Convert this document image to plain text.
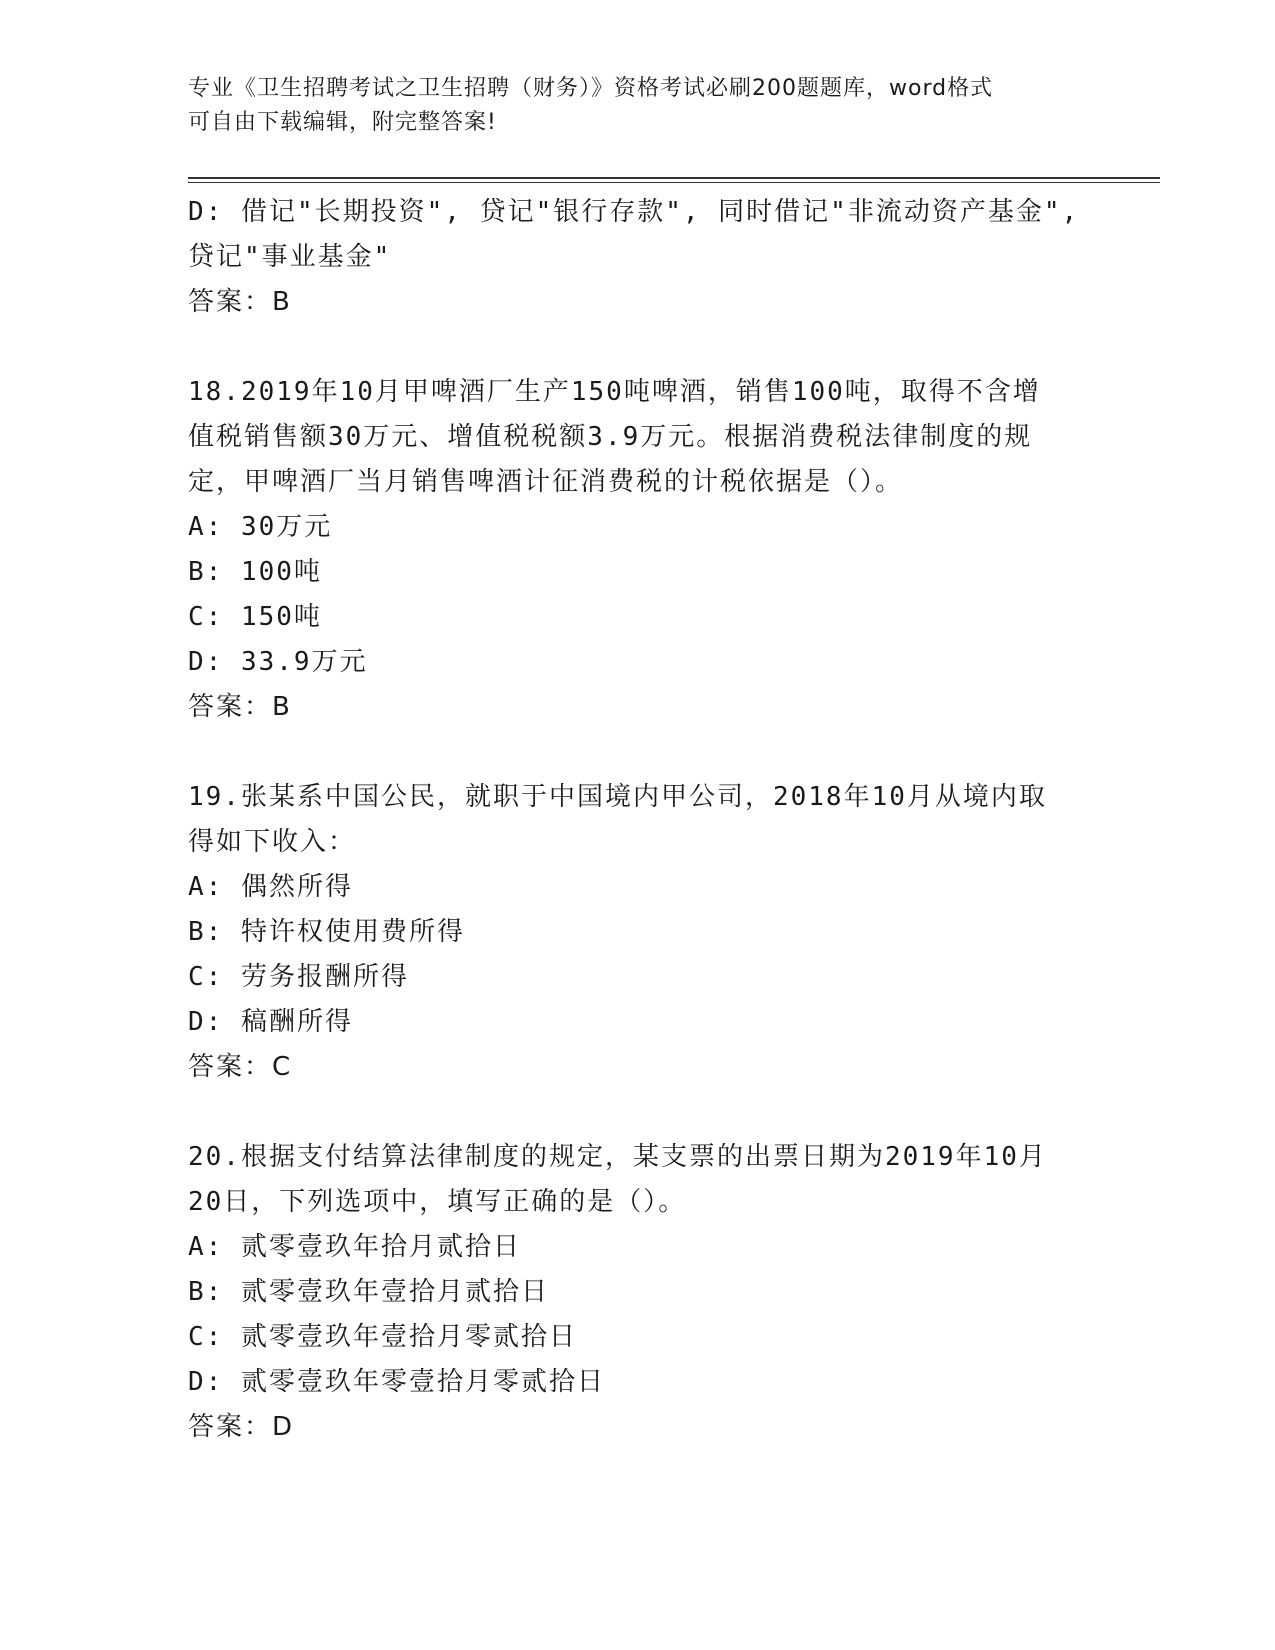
专业《卫生招聘考试之卫生招聘（财务）》资格考试必刷200题题库，word格式
可自由下载编辑，附完整答案!
D: 借记"长期投资", 贷记"银行存款", 同时借记"非流动资产基金",
贷记"事业基金"
答案：B
18.2019年10月甲啤酒厂生产150吨啤酒，销售100吨，取得不含增
值税销售额30万元、增值税税额3.9万元。根据消费税法律制度的规
定，甲啤酒厂当月销售啤酒计征消费税的计税依据是（）。
A: 30万元
B: 100吨
C: 150吨
D: 33.9万元
答案：B
19.张某系中国公民，就职于中国境内甲公司，2018年10月从境内取
得如下收入：
A: 偶然所得
B: 特许权使用费所得
C: 劳务报酬所得
D: 稿酬所得
答案：C
20.根据支付结算法律制度的规定，某支票的出票日期为2019年10月
20日，下列选项中，填写正确的是（）。
A: 贰零壹玖年拾月贰拾日
B: 贰零壹玖年壹拾月贰拾日
C: 贰零壹玖年壹拾月零贰拾日
D: 贰零壹玖年零壹拾月零贰拾日
答案：D
